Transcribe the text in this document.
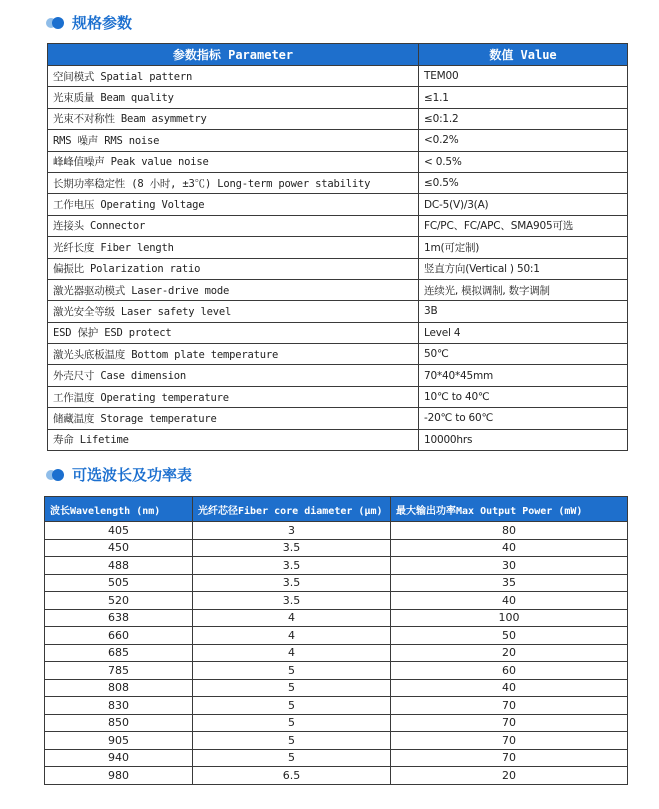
规格参数
参数指标 Parameter	数值 Value
空间模式 Spatial pattern	TEM00
光束质量 Beam quality	≤1.1
光束不对称性 Beam asymmetry	≤0:1.2
RMS 噪声 RMS noise	<0.2%
峰峰值噪声 Peak value noise	< 0.5%
长期功率稳定性 (8 小时, ±3℃) Long-term power stability	≤0.5%
工作电压 Operating Voltage	DC-5(V)/3(A)
连接头 Connector	FC/PC、FC/APC、SMA905可选
光纤长度 Fiber length	1m(可定制)
偏振比 Polarization ratio	竖直方向(Vertical ) 50:1
激光器驱动模式 Laser-drive mode	连续光, 模拟调制, 数字调制
激光安全等级 Laser safety level	3B
ESD 保护 ESD protect	Level 4
激光头底板温度 Bottom plate temperature	50℃
外壳尺寸 Case dimension	70*40*45mm
工作温度 Operating temperature	10℃ to 40℃
储藏温度 Storage temperature	-20℃ to 60℃
寿命 Lifetime	10000hrs
可选波长及功率表
波长Wavelength (nm)	光纤芯径Fiber core diameter (μm)	最大输出功率Max Output Power (mW)
405	3	80
450	3.5	40
488	3.5	30
505	3.5	35
520	3.5	40
638	4	100
660	4	50
685	4	20
785	5	60
808	5	40
830	5	70
850	5	70
905	5	70
940	5	70
980	6.5	20
